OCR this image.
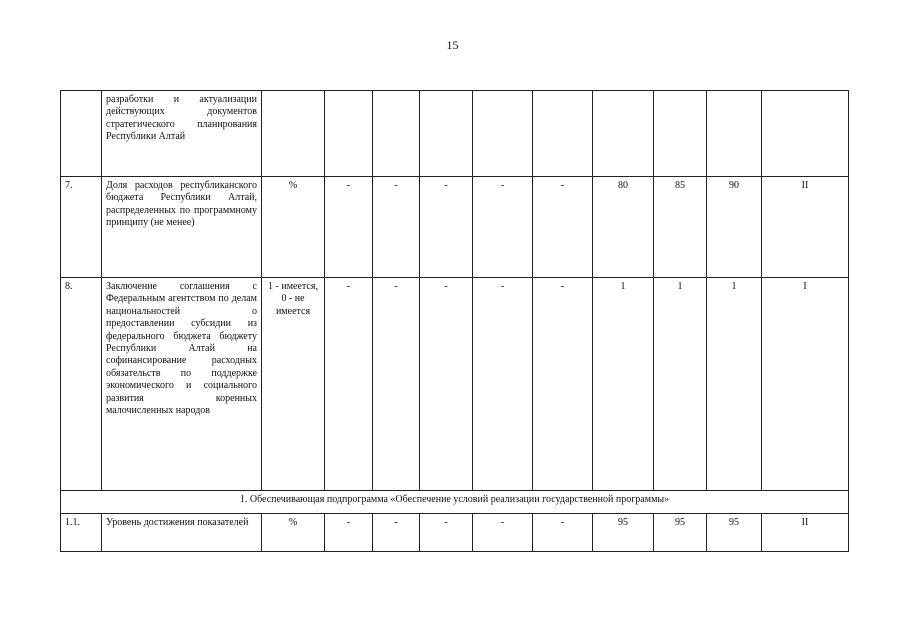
15
	разработки и актуализации действующих документов стратегического планирования Республики Алтай										
7.	Доля расходов республиканского бюджета Республики Алтай, распределенных по программному принципу (не менее)	%	-	-	-	-	-	80	85	90	II
8.	Заключение соглашения с Федеральным агентством по делам национальностей о предоставлении субсидии из федерального бюджета бюджету Республики Алтай на софинансирование расходных обязательств по поддержке экономического и социального развития коренных малочисленных народов	1 - имеется, 0 - не имеется	-	-	-	-	-	1	1	1	I
1. Обеспечивающая подпрограмма «Обеспечение условий реализации государственной программы»											
1.1.	Уровень достижения показателей	%	-	-	-	-	-	95	95	95	II
